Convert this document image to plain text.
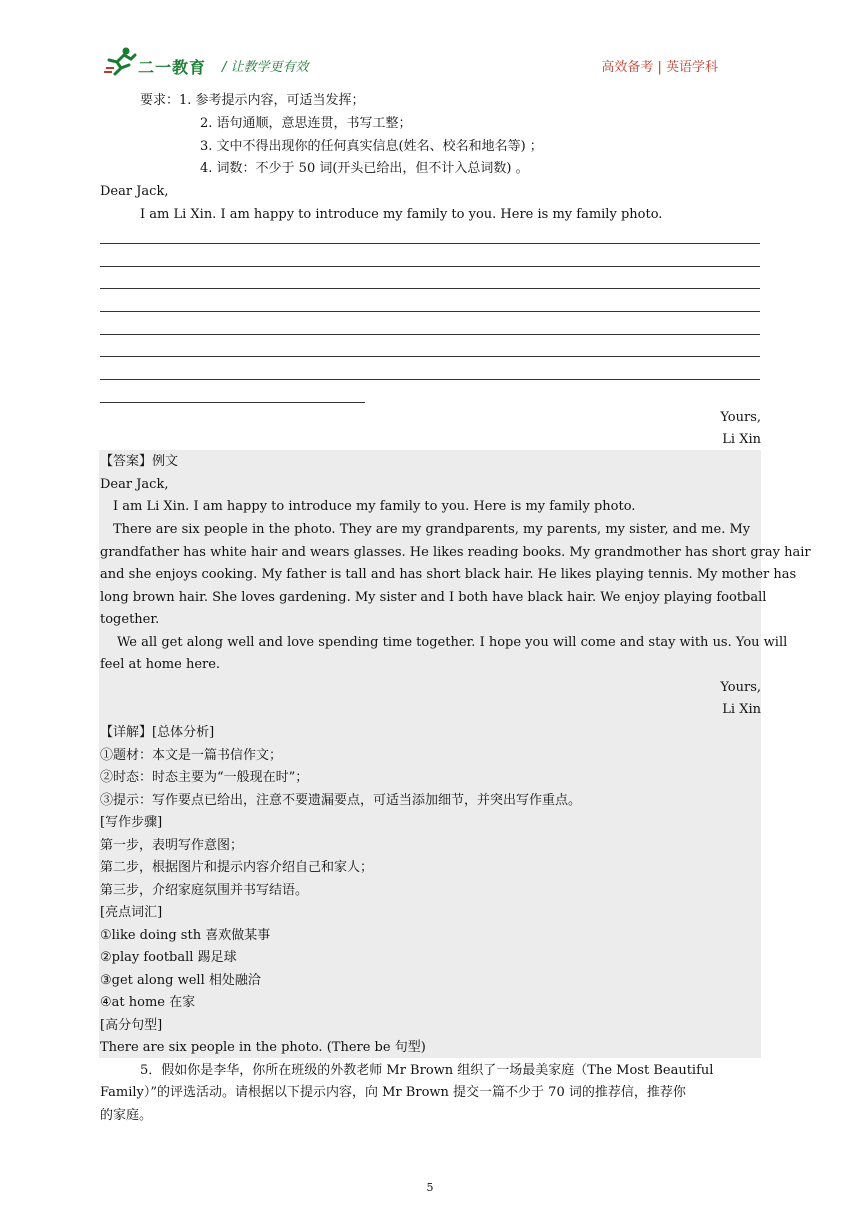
二一教育 / 让教学更有效	高效备考 | 英语学科
要求：1. 参考提示内容，可适当发挥；
2. 语句通顺，意思连贯，书写工整；
3. 文中不得出现你的任何真实信息(姓名、校名和地名等) ；
4. 词数：不少于 50 词(开头已给出，但不计入总词数) 。
Dear Jack,
I am Li Xin. I am happy to introduce my family to you. Here is my family photo.
Yours,
Li Xin
【答案】例文
Dear Jack,
I am Li Xin. I am happy to introduce my family to you. Here is my family photo.
There are six people in the photo. They are my grandparents, my parents, my sister, and me. My
grandfather has white hair and wears glasses. He likes reading books. My grandmother has short gray hair
and she enjoys cooking. My father is tall and has short black hair. He likes playing tennis. My mother has
long brown hair. She loves gardening. My sister and I both have black hair. We enjoy playing football
together.
We all get along well and love spending time together. I hope you will come and stay with us. You will
feel at home here.
Yours,
Li Xin
【详解】[总体分析]
①题材：本文是一篇书信作文；
②时态：时态主要为“一般现在时”；
③提示：写作要点已给出，注意不要遗漏要点，可适当添加细节，并突出写作重点。
[写作步骤]
第一步，表明写作意图；
第二步，根据图片和提示内容介绍自己和家人；
第三步，介绍家庭氛围并书写结语。
[亮点词汇]
①like doing sth 喜欢做某事
②play football 踢足球
③get along well 相处融洽
④at home 在家
[高分句型]
There are six people in the photo. (There be 句型)
5．假如你是李华，你所在班级的外教老师 Mr Brown 组织了一场最美家庭（The Most Beautiful
Family）”的评选活动。请根据以下提示内容，向 Mr Brown 提交一篇不少于 70 词的推荐信，推荐你
的家庭。
5
